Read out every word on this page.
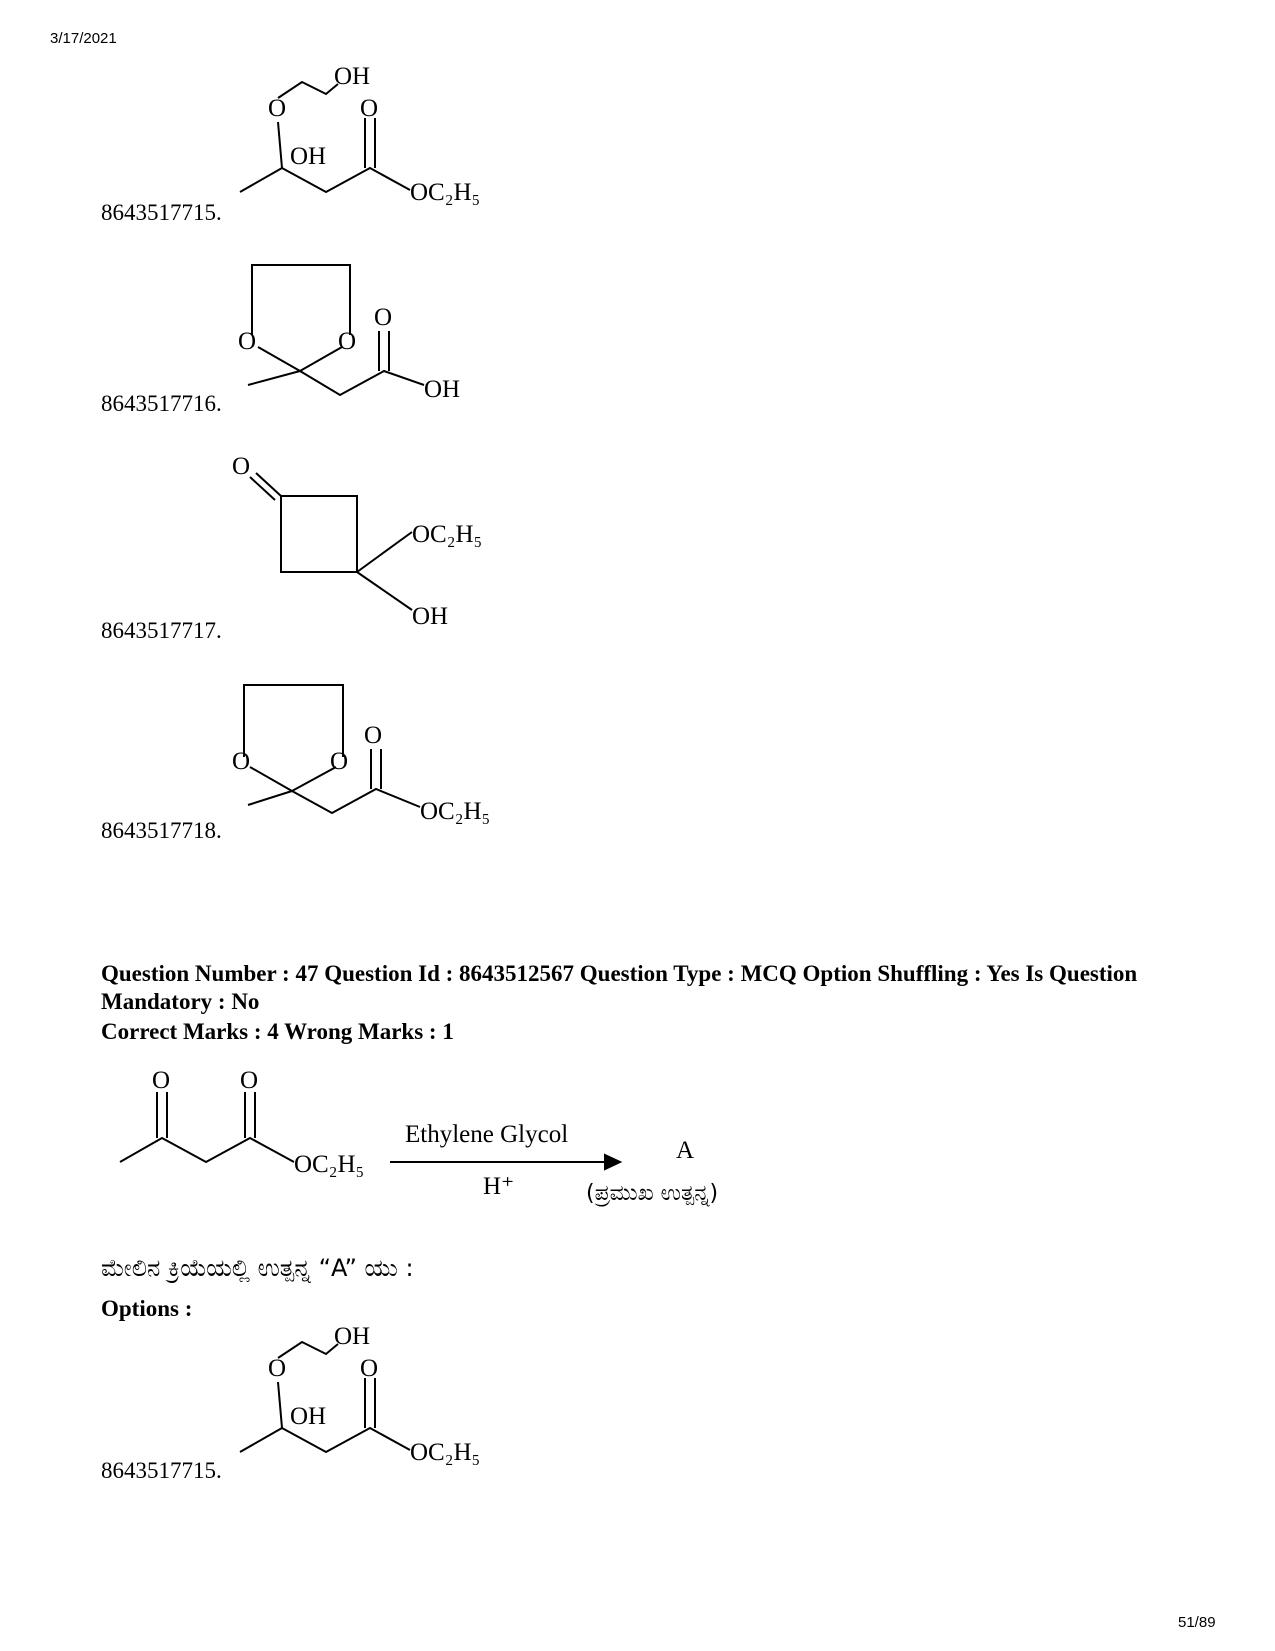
3/17/2021
OH
O	O
OH
OC₂H₅
8643517715.
O	O
O
OH
8643517716.
O
OC₂H₅
OH
8643517717.
O	O
O
OC₂H₅
8643517718.
Question Number : 47 Question Id : 8643512567 Question Type : MCQ Option Shuffling : Yes Is Question Mandatory : No
Correct Marks : 4 Wrong Marks : 1
O	O
OC₂H₅
Ethylene Glycol
H⁺
A
(ಪ್ರಮುಖ ಉತ್ಪನ್ನ)
ಮೇಲಿನ ಕ್ರಿಯೆಯಲ್ಲಿ ಉತ್ಪನ್ನ “A” ಯು :
Options :
OH
O	O
OH
OC₂H₅
8643517715.
51/89
